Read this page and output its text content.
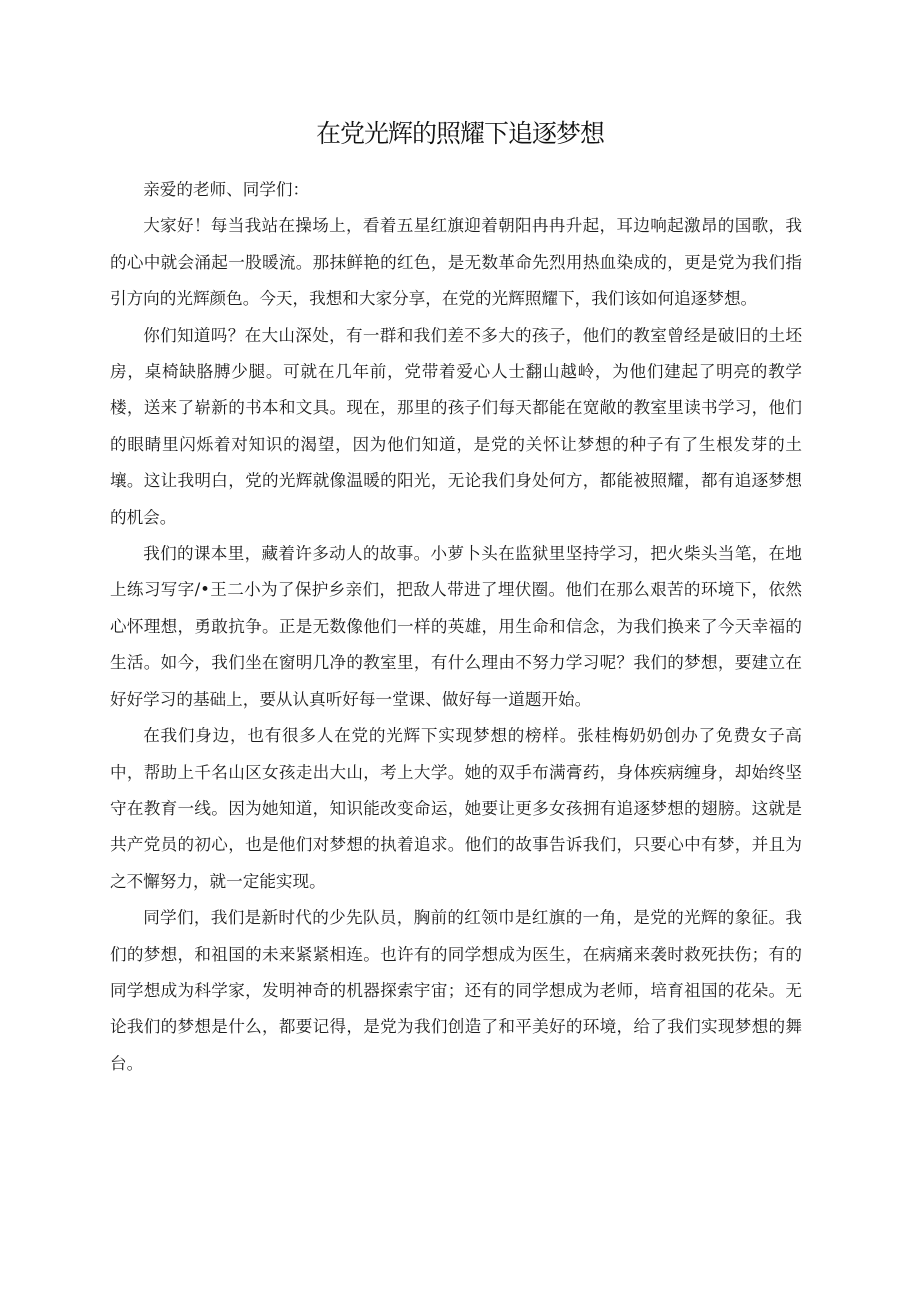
在党光辉的照耀下追逐梦想

亲爱的老师、同学们：

大家好！每当我站在操场上，看着五星红旗迎着朝阳冉冉升起，耳边响起激昂的国歌，我的心中就会涌起一股暖流。那抹鲜艳的红色，是无数革命先烈用热血染成的，更是党为我们指引方向的光辉颜色。今天，我想和大家分享，在党的光辉照耀下，我们该如何追逐梦想。

你们知道吗？在大山深处，有一群和我们差不多大的孩子，他们的教室曾经是破旧的土坯房，桌椅缺胳膊少腿。可就在几年前，党带着爱心人士翻山越岭，为他们建起了明亮的教学楼，送来了崭新的书本和文具。现在，那里的孩子们每天都能在宽敞的教室里读书学习，他们的眼睛里闪烁着对知识的渴望，因为他们知道，是党的关怀让梦想的种子有了生根发芽的土壤。这让我明白，党的光辉就像温暖的阳光，无论我们身处何方，都能被照耀，都有追逐梦想的机会。

我们的课本里，藏着许多动人的故事。小萝卜头在监狱里坚持学习，把火柴头当笔，在地上练习写字/•王二小为了保护乡亲们，把敌人带进了埋伏圈。他们在那么艰苦的环境下，依然心怀理想，勇敢抗争。正是无数像他们一样的英雄，用生命和信念，为我们换来了今天幸福的生活。如今，我们坐在窗明几净的教室里，有什么理由不努力学习呢？我们的梦想，要建立在好好学习的基础上，要从认真听好每一堂课、做好每一道题开始。

在我们身边，也有很多人在党的光辉下实现梦想的榜样。张桂梅奶奶创办了免费女子高中，帮助上千名山区女孩走出大山，考上大学。她的双手布满膏药，身体疾病缠身，却始终坚守在教育一线。因为她知道，知识能改变命运，她要让更多女孩拥有追逐梦想的翅膀。这就是共产党员的初心，也是他们对梦想的执着追求。他们的故事告诉我们，只要心中有梦，并且为之不懈努力，就一定能实现。

同学们，我们是新时代的少先队员，胸前的红领巾是红旗的一角，是党的光辉的象征。我们的梦想，和祖国的未来紧紧相连。也许有的同学想成为医生，在病痛来袭时救死扶伤；有的同学想成为科学家，发明神奇的机器探索宇宙；还有的同学想成为老师，培育祖国的花朵。无论我们的梦想是什么，都要记得，是党为我们创造了和平美好的环境，给了我们实现梦想的舞台。
